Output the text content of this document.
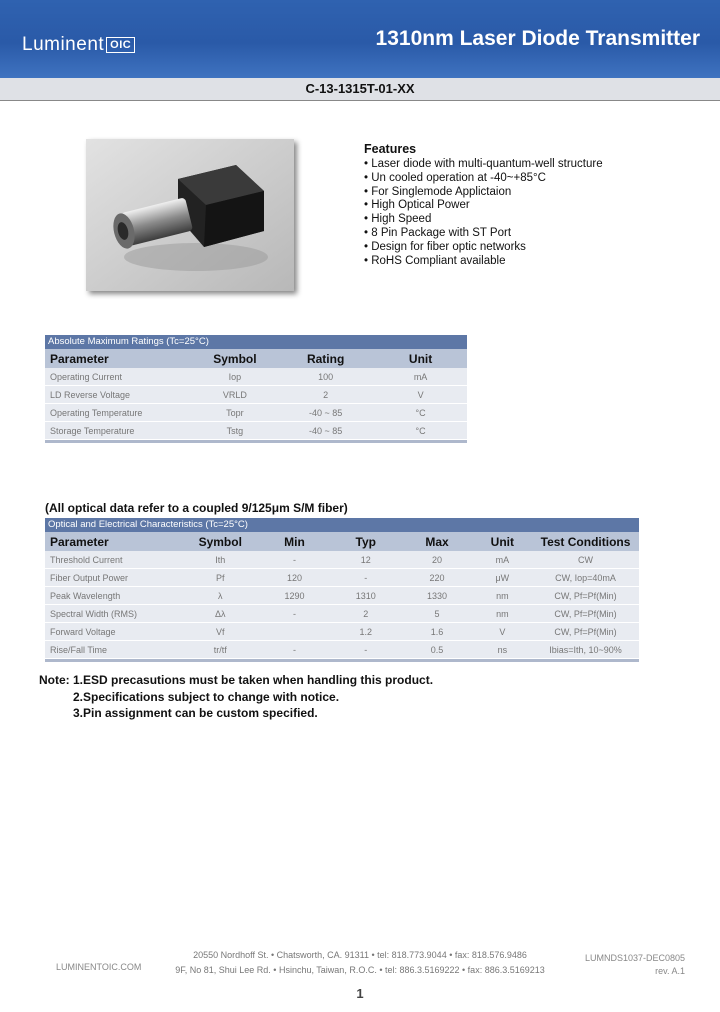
Luminent OIC	1310nm Laser Diode Transmitter
C-13-1315T-01-XX
Features
• Laser diode with multi-quantum-well structure
• Un cooled operation at -40~+85°C
• For Singlemode Applictaion
• High Optical Power
• High Speed
• 8 Pin Package with ST Port
• Design for fiber optic networks
• RoHS Compliant available
Absolute Maximum Ratings (Tc=25°C)
Parameter	Symbol	Rating	Unit
Operating Current	Iop	100	mA
LD Reverse Voltage	VRLD	2	V
Operating Temperature	Topr	-40 ~ 85	°C
Storage Temperature	Tstg	-40 ~ 85	°C
(All optical data refer to a coupled 9/125μm S/M fiber)
Optical and Electrical Characteristics (Tc=25°C)
Parameter	Symbol	Min	Typ	Max	Unit	Test Conditions
Threshold Current	Ith	-	12	20	mA	CW
Fiber Output Power	Pf	120	-	220	μW	CW, Iop=40mA
Peak Wavelength	λ	1290	1310	1330	nm	CW, Pf=Pf(Min)
Spectral Width (RMS)	Δλ	-	2	5	nm	CW, Pf=Pf(Min)
Forward Voltage	Vf		1.2	1.6	V	CW, Pf=Pf(Min)
Rise/Fall Time	tr/tf	-	-	0.5	ns	Ibias=Ith, 10~90%
Note: 1.ESD precasutions must be taken when handling this product.
2.Specifications subject to change with notice.
3.Pin assignment can be custom specified.
LUMINENTOIC.COM
20550 Nordhoff St. • Chatsworth, CA. 91311 • tel: 818.773.9044 • fax: 818.576.9486
9F, No 81, Shui Lee Rd. • Hsinchu, Taiwan, R.O.C. • tel: 886.3.5169222 • fax: 886.3.5169213
LUMNDS1037-DEC0805
rev. A.1
1
